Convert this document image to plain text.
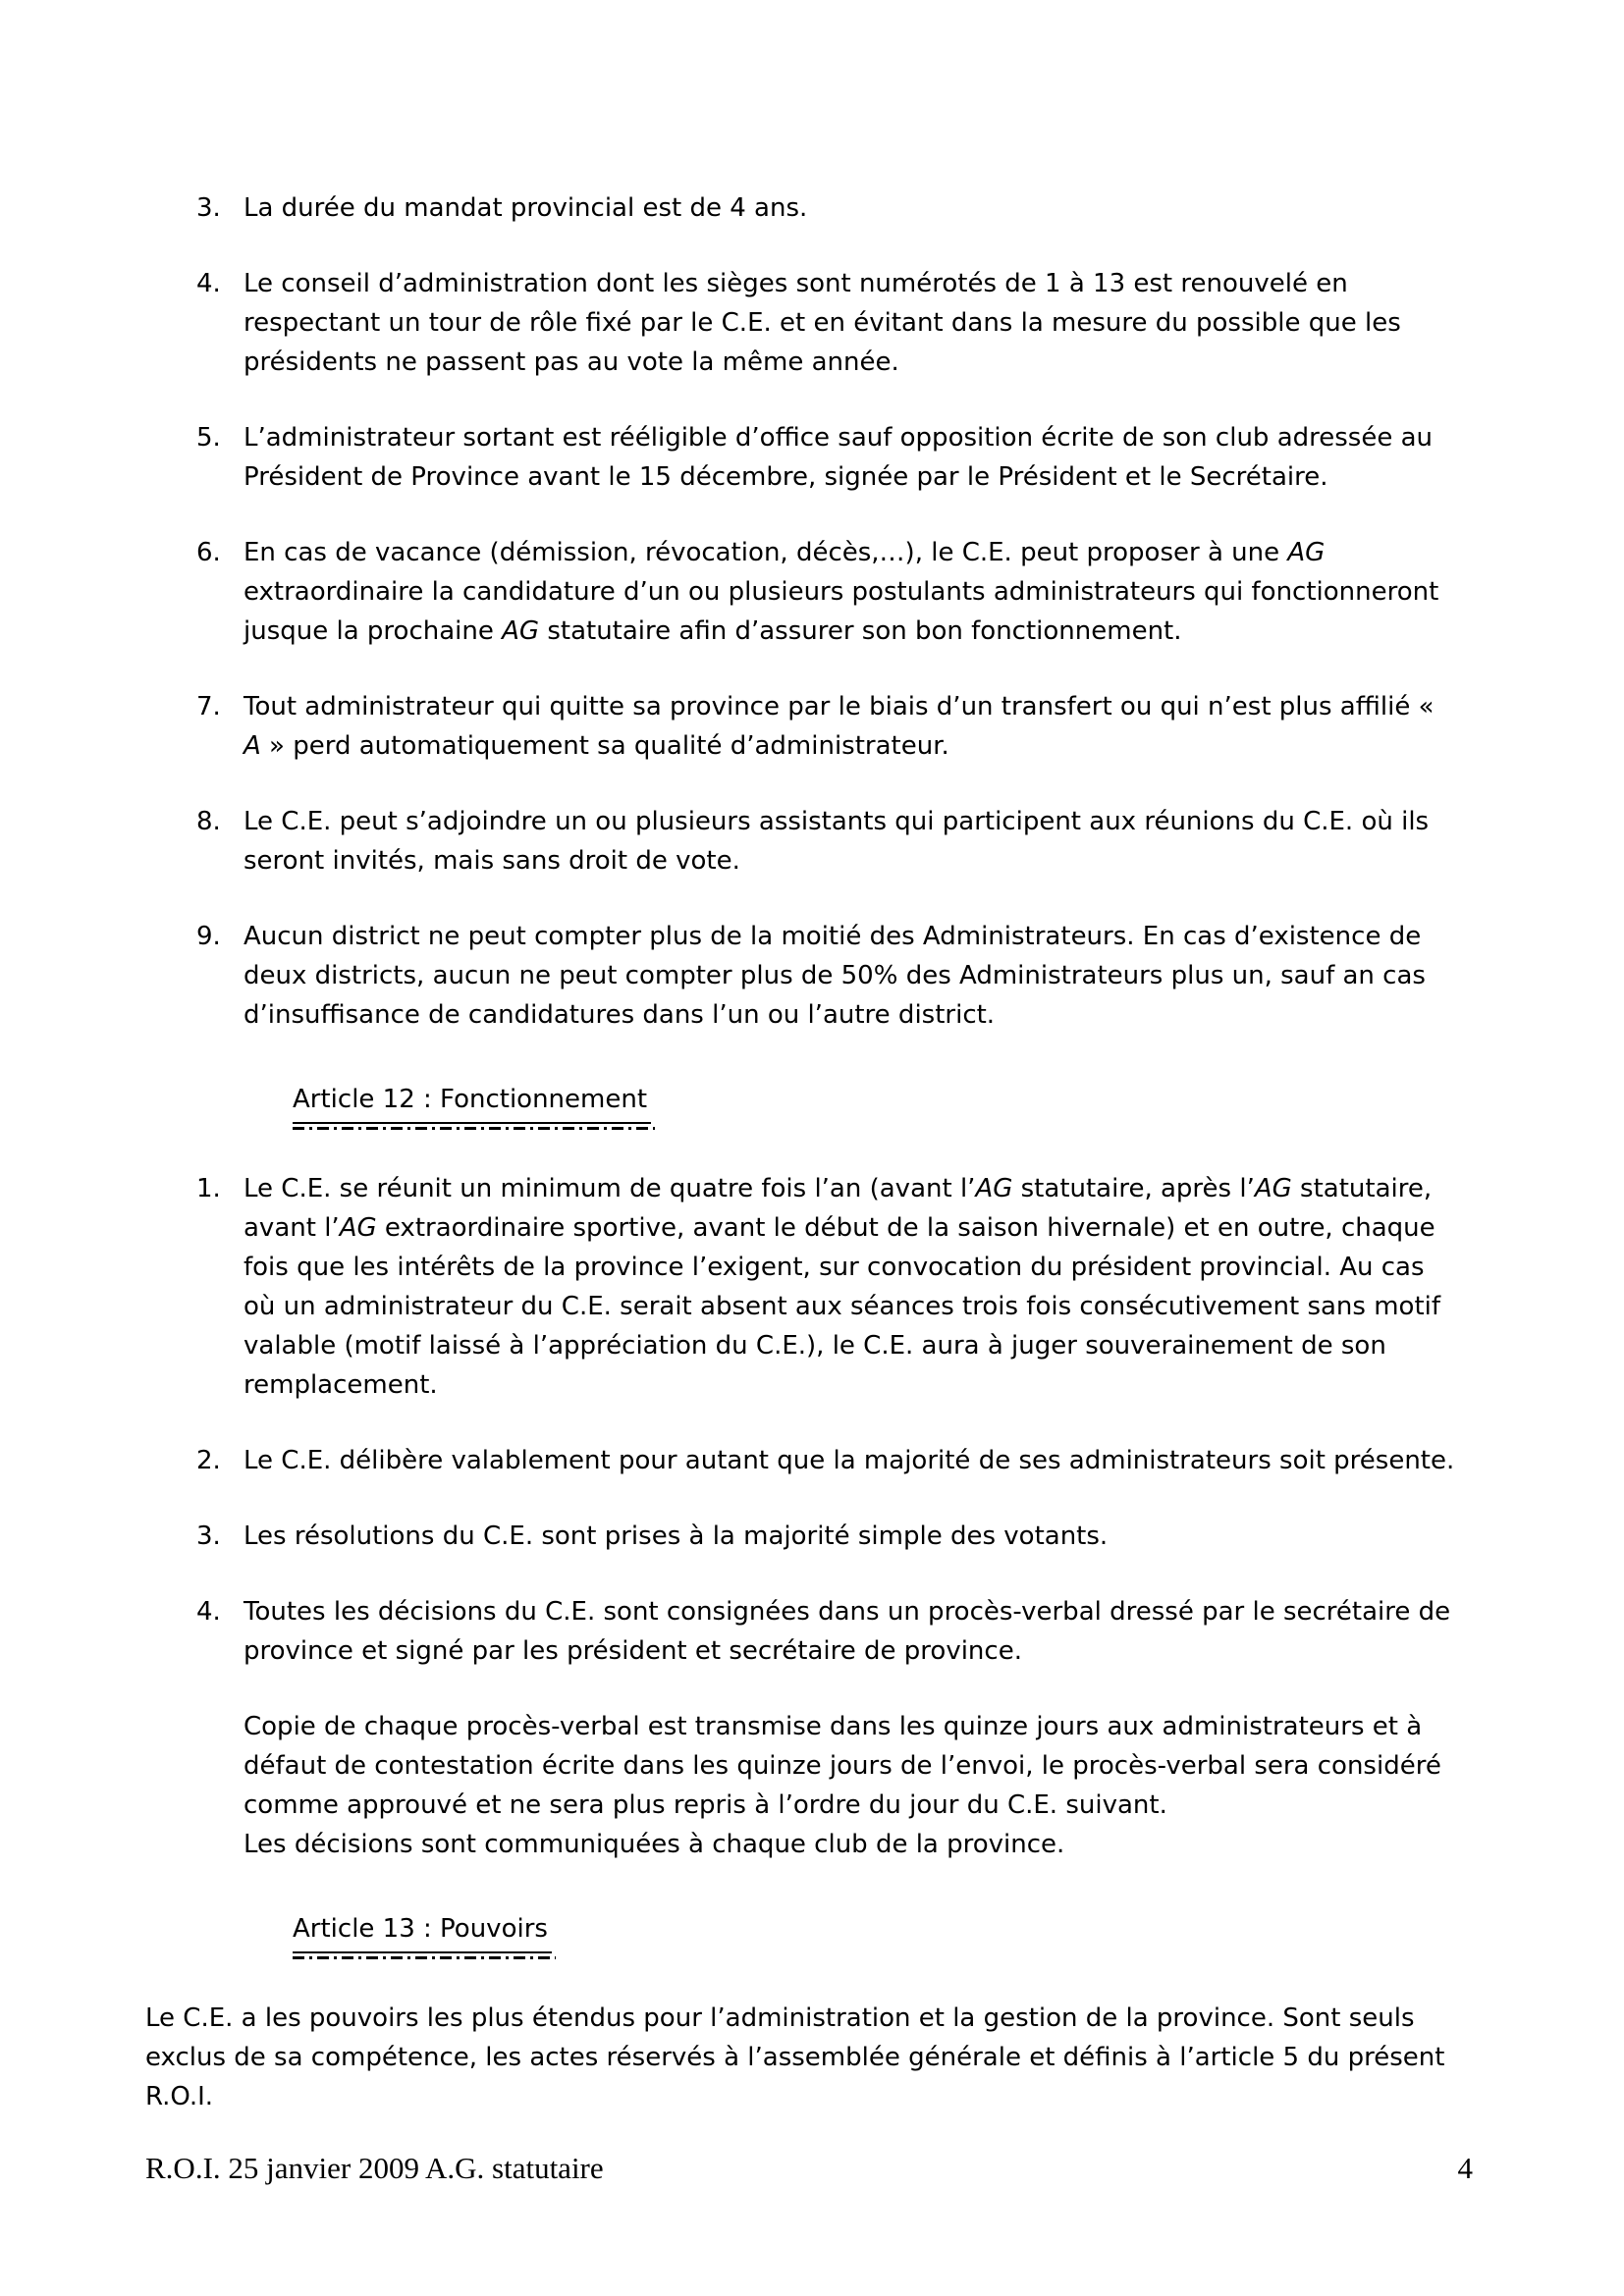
3. La durée du mandat provincial est de 4 ans.
4. Le conseil d’administration dont les sièges sont numérotés de 1 à 13 est renouvelé en respectant un tour de rôle fixé par le C.E. et en évitant dans la mesure du possible que les présidents ne passent pas au vote la même année.
5. L’administrateur sortant est rééligible d’office sauf opposition écrite de son club adressée au Président de Province avant le 15 décembre, signée par le Président et le Secrétaire.
6. En cas de vacance (démission, révocation, décès,…), le C.E. peut proposer à une AG extraordinaire la candidature d’un ou plusieurs postulants administrateurs qui fonctionneront jusque la prochaine AG statutaire afin d’assurer son bon fonctionnement.
7. Tout administrateur qui quitte sa province par le biais d’un transfert ou qui n’est plus affilié « A » perd automatiquement sa qualité d’administrateur.
8. Le C.E. peut s’adjoindre un ou plusieurs assistants qui participent aux réunions du C.E. où ils seront invités, mais sans droit de vote.
9. Aucun district ne peut compter plus de la moitié des Administrateurs. En cas d’existence de deux districts, aucun ne peut compter plus de 50% des Administrateurs plus un, sauf an cas d’insuffisance de candidatures dans l’un ou l’autre district.
Article 12 : Fonctionnement
1. Le C.E. se réunit un minimum de quatre fois l’an (avant l’AG statutaire, après l’AG statutaire, avant l’AG extraordinaire sportive, avant le début de la saison hivernale) et en outre, chaque fois que les intérêts de la province l’exigent, sur convocation du président provincial. Au cas où un administrateur du C.E. serait absent aux séances trois fois consécutivement sans motif valable (motif laissé à l’appréciation du C.E.), le C.E. aura à juger souverainement de son remplacement.
2. Le C.E. délibère valablement pour autant que la majorité de ses administrateurs soit présente.
3. Les résolutions du C.E. sont prises à la majorité simple des votants.
4. Toutes les décisions du C.E. sont consignées dans un procès-verbal dressé par le secrétaire de province et signé par les président et secrétaire de province.
Copie de chaque procès-verbal est transmise dans les quinze jours aux administrateurs et à défaut de contestation écrite dans les quinze jours de l’envoi, le procès-verbal sera considéré comme approuvé et ne sera plus repris à l’ordre du jour du C.E. suivant.
Les décisions sont communiquées à chaque club de la province.
Article 13 : Pouvoirs
Le C.E. a les pouvoirs les plus étendus pour l’administration et la gestion de la province. Sont seuls exclus de sa compétence, les actes réservés à l’assemblée générale et définis à l’article 5 du présent R.O.I.
R.O.I. 25 janvier 2009 A.G. statutaire	4
